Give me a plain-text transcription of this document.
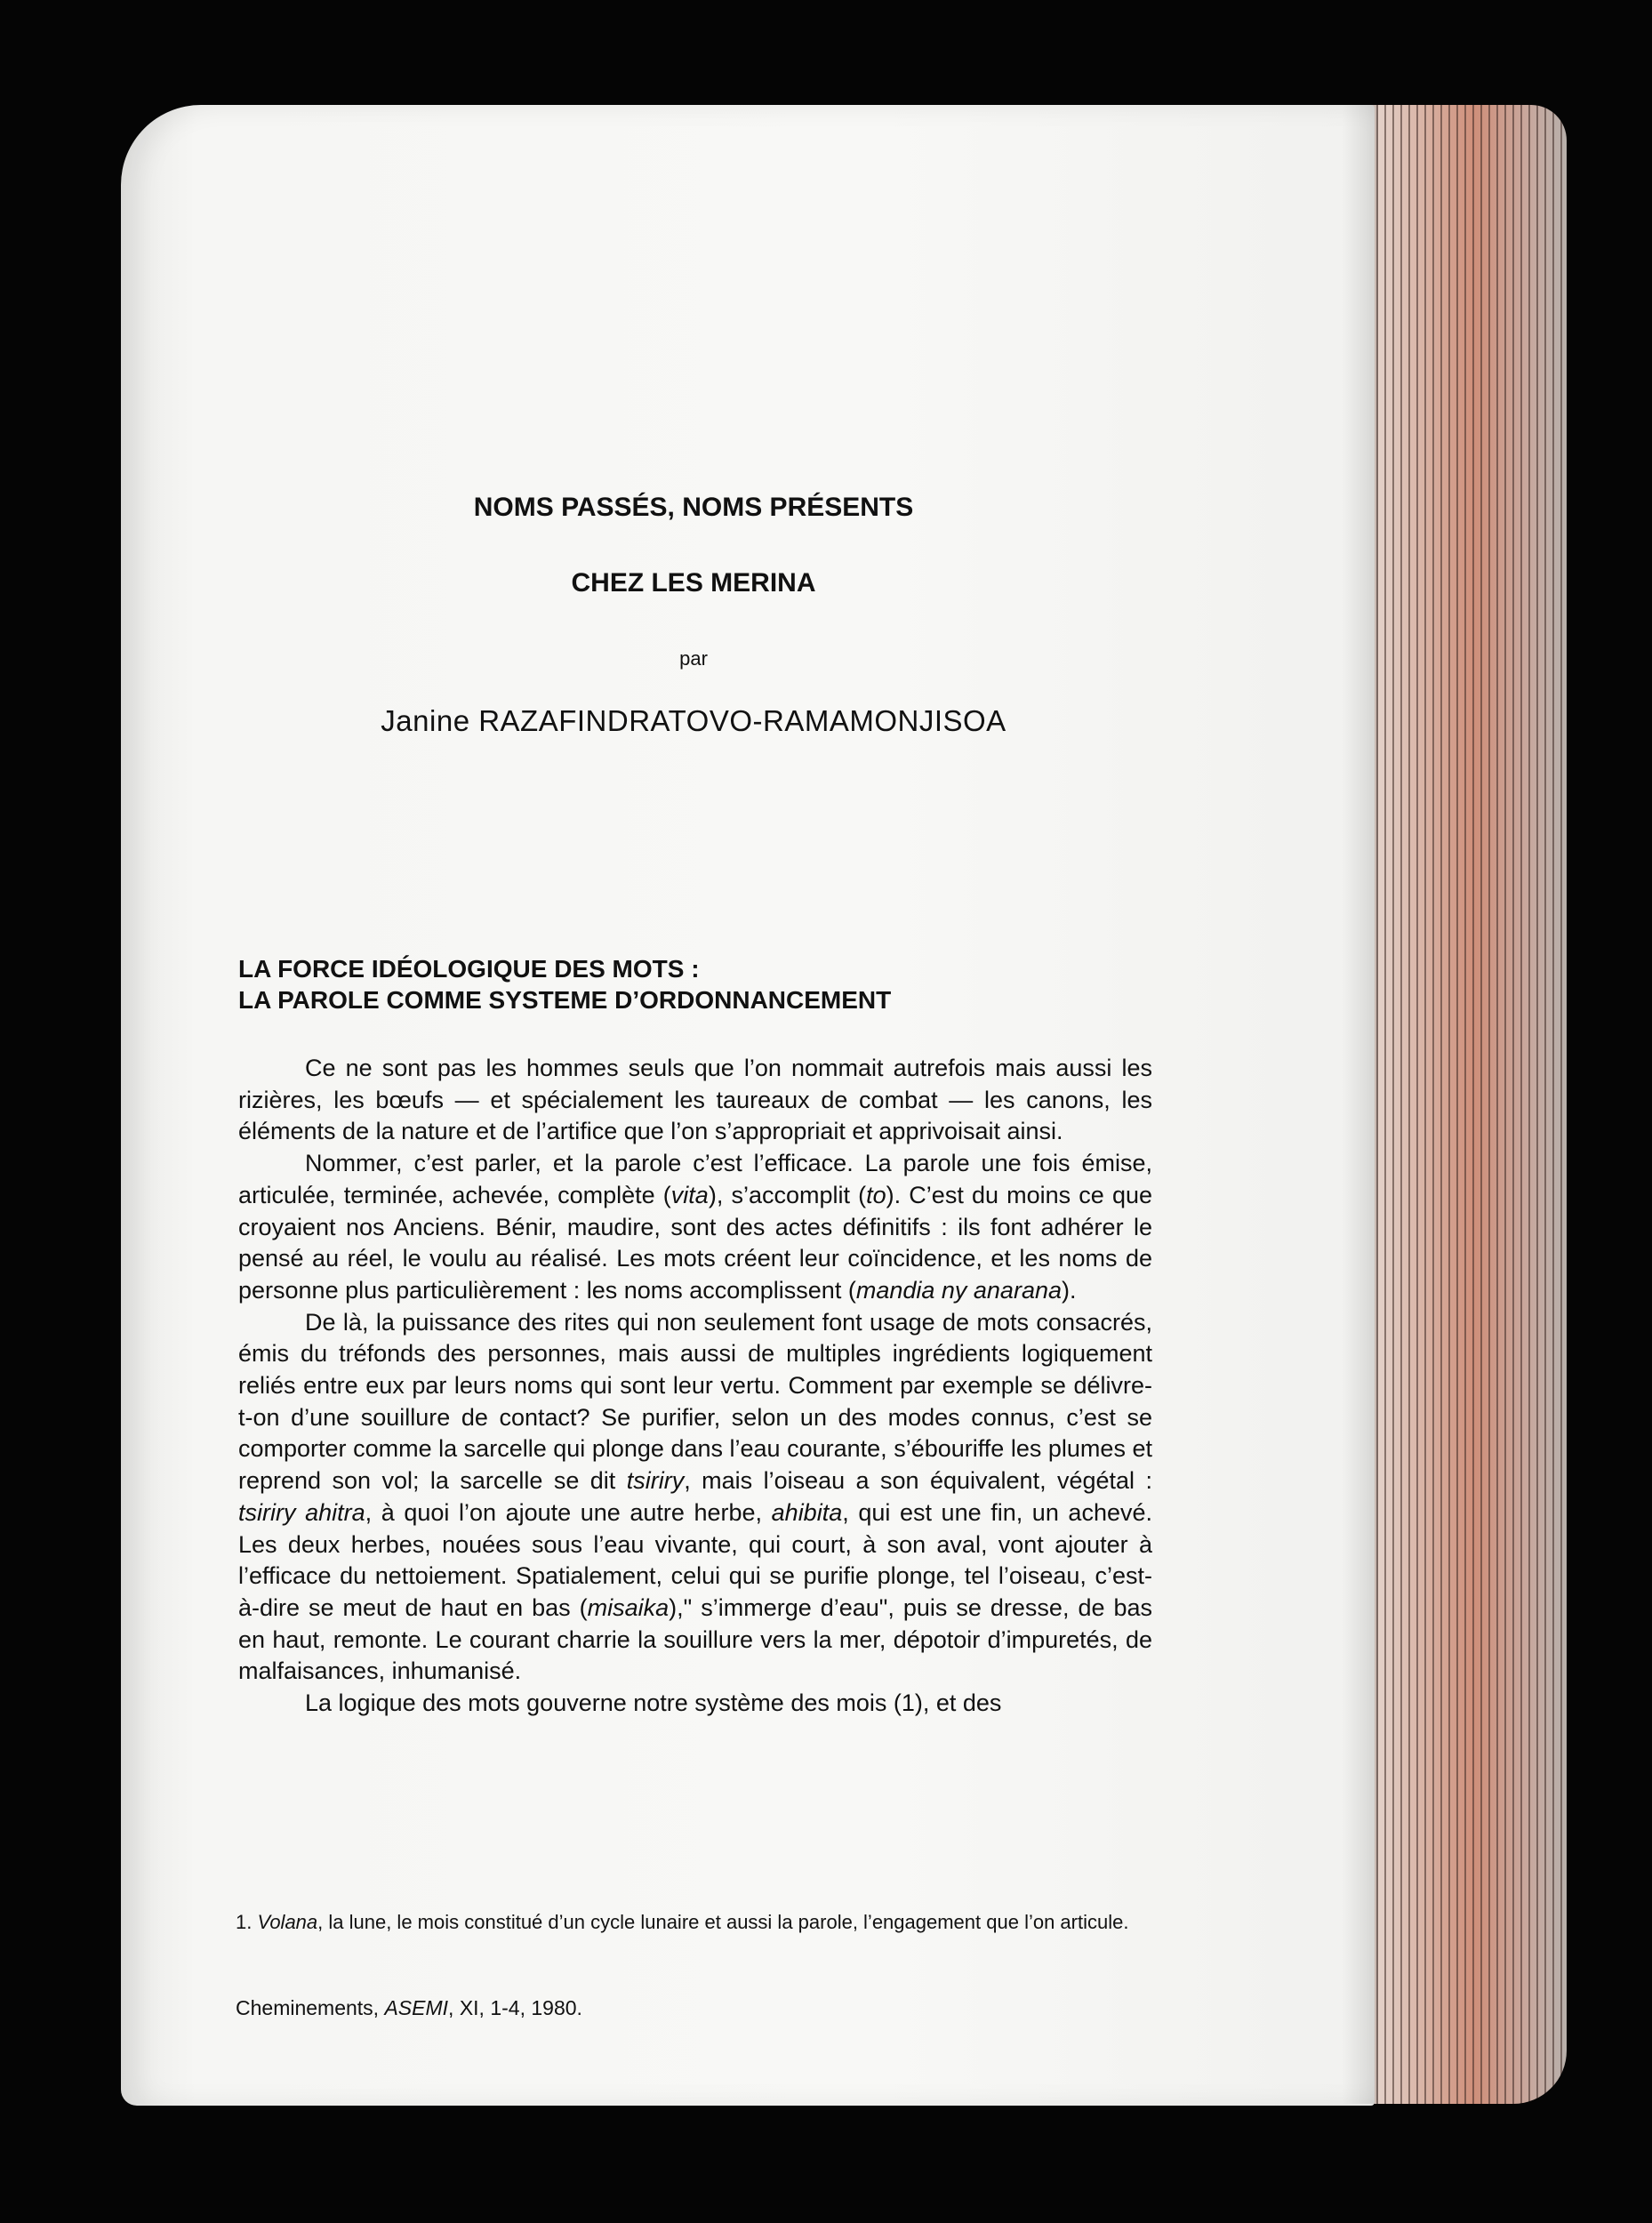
NOMS PASSÉS, NOMS PRÉSENTS
CHEZ LES MERINA
par
Janine RAZAFINDRATOVO-RAMAMONJISOA
LA FORCE IDÉOLOGIQUE DES MOTS :
LA PAROLE COMME SYSTEME D’ORDONNANCEMENT

Ce ne sont pas les hommes seuls que l’on nommait autrefois mais aussi les rizières, les bœufs — et spécialement les taureaux de combat — les canons, les éléments de la nature et de l’artifice que l’on s’appropriait et apprivoisait ainsi.

Nommer, c’est parler, et la parole c’est l’efficace. La parole une fois émise, articulée, terminée, achevée, complète (vita), s’accomplit (to). C’est du moins ce que croyaient nos Anciens. Bénir, maudire, sont des actes définitifs : ils font adhérer le pensé au réel, le voulu au réalisé. Les mots créent leur coïncidence, et les noms de personne plus particulièrement : les noms accomplissent (mandia ny anarana).

De là, la puissance des rites qui non seulement font usage de mots consacrés, émis du tréfonds des personnes, mais aussi de multiples ingrédients logiquement reliés entre eux par leurs noms qui sont leur vertu. Comment par exemple se délivre-t-on d’une souillure de contact? Se purifier, selon un des modes connus, c’est se comporter comme la sarcelle qui plonge dans l’eau courante, s’ébouriffe les plumes et reprend son vol; la sarcelle se dit tsiriry, mais l’oiseau a son équivalent, végétal : tsiriry ahitra, à quoi l’on ajoute une autre herbe, ahibita, qui est une fin, un achevé. Les deux herbes, nouées sous l’eau vivante, qui court, à son aval, vont ajouter à l’efficace du nettoiement. Spatialement, celui qui se purifie plonge, tel l’oiseau, c’est-à-dire se meut de haut en bas (misaika)," s’immerge d’eau", puis se dresse, de bas en haut, remonte. Le courant charrie la souillure vers la mer, dépotoir d’impuretés, de malfaisances, inhumanisé.

La logique des mots gouverne notre système des mois (1), et des

1. Volana, la lune, le mois constitué d’un cycle lunaire et aussi la parole, l’engagement que l’on articule.
Cheminements, ASEMI, XI, 1-4, 1980.
